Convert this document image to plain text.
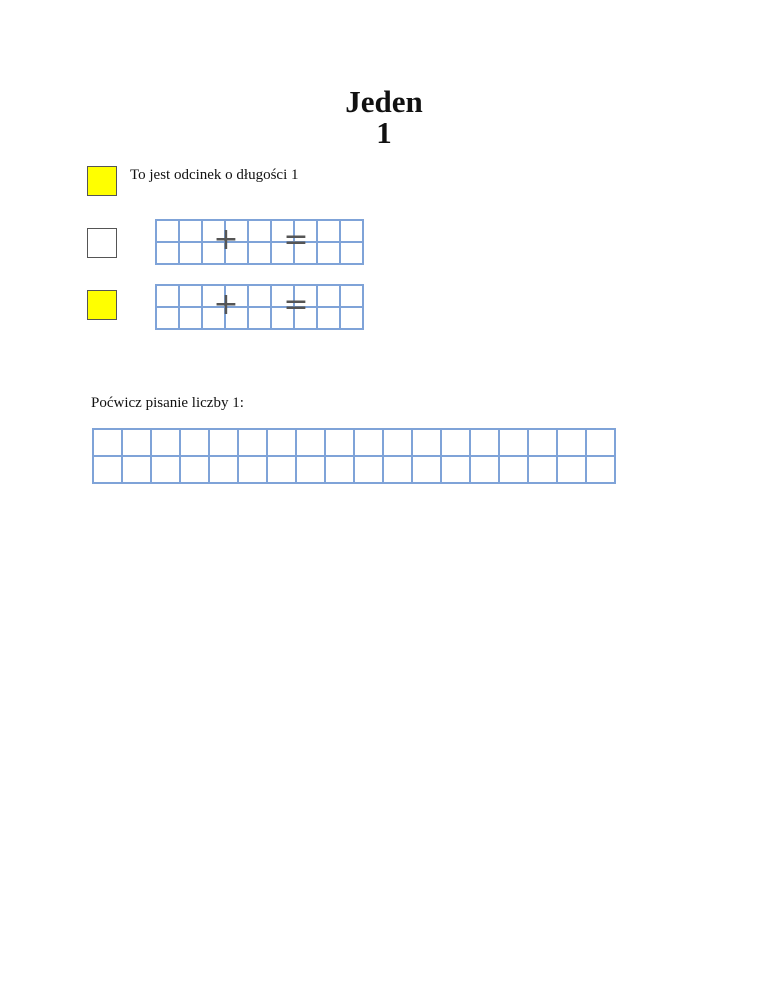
Jeden
1
To jest odcinek o długości 1
+ =
+ =
Poćwicz pisanie liczby 1:
